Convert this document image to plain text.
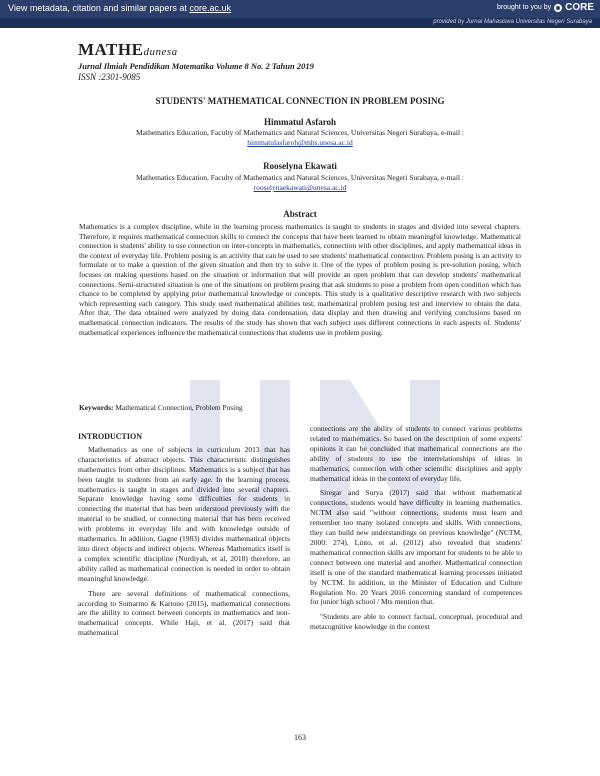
View metadata, citation and similar papers at core.ac.uk	brought to you by CORE
provided by Jurnal Mahasiswa Universitas Negeri Surabaya
MATHEdunesa
Jurnal Ilmiah Pendidikan Matematika Volume 8 No. 2 Tahun 2019
ISSN :2301-9085
STUDENTS' MATHEMATICAL CONNECTION IN PROBLEM POSING
Himmatul Asfaroh
Mathematics Education, Faculty of Mathematics and Natural Sciences, Universitas Negeri Surabaya, e-mail :
himmatulasfaroh@mhs.unesa.ac.id
Rooselyna Ekawati
Mathematics Education, Faculty of Mathematics and Natural Sciences, Universitas Negeri Surabaya, e-mail :
rooselynaekawati@unesa.ac.id
Abstract
Mathematics is a complex discipline, while in the learning process mathematics is taught to students in stages and divided into several chapters. Therefore, it requires mathematical connection skills to connect the concepts that have been learned to obtain meaningful knowledge. Mathematical connection is students' ability to use connection on inter-concepts in mathematics, connection with other disciplines, and apply mathematical ideas in the context of everyday life. Problem posing is an activity that can be used to see students' mathematical connection. Problem posing is an activity to formulate or to make a question of the given situation and then try to solve it. One of the types of problem posing is pre-solution posing, which focuses on making questions based on the situation or information that will provide an open problem that can develop students' mathematical connections. Semi-structured situation is one of the situations on problem posing that ask students to pose a problem from open condition which has chance to be completed by applying prior mathematical knowledge or concepts. This study is a qualitative descriptive research with two subjects which representing each category. This study used mathematical abilities test, mathematical problem posing test and interview to obtain the data. After that, The data obtained were analyzed by doing data condensation, data display and then drawing and verifying conclusions based on mathematical connection indicators. The results of the study has shown that each subject uses different connections in each aspects of. Students' mathematical experiences influence the mathematical connections that students use in problem posing.
Keywords: Mathematical Connection, Problem Posing
INTRODUCTION

Mathematics as one of subjects in curriculum 2013 that has characteristics of abstract objects. This characteristic distinguishes mathematics from other disciplines. Mathematics is a subject that has been taught to students from an early age. In the learning process, mathematics is taught in stages and divided into several chapters. Separate knowledge having some difficulties for students in connecting the material that has been understood previously with the material to be studied, or connecting material that has been received with problems in everyday life and with knowledge outside of mathematics. In addition, Gagne (1983) divides mathematical objects into direct objects and indirect objects. Whereas Mathematics itself is a complex scientific discipline (Nurdiyah, et al, 2018) therefore, an ability called as mathematical connection is needed in order to obtain meaningful knowledge.

There are several definitions of mathematical connections, according to Sumarmo & Kartono (2015), mathematical connections are the ability to connect between concepts in mathematics and non-mathematical concepts. While Haji, et al. (2017) said that mathematical

connections are the ability of students to connect various problems related to mathematics. So based on the description of some experts' opinions it can be concluded that mathematical connections are the ability of students to use the interrelationships of ideas in mathematics, connection with other scientific disciplines and apply mathematical ideas in the context of everyday life.

Siregar and Surya (2017) said that without mathematical connections, students would have difficulty in learning mathematics. NCTM also said "without connections, students must learn and remember too many isolated concepts and skills. With connections, they can build new understandings on previous knowledge" (NCTM, 2000: 274). Linto, et al. (2012) also revealed that students' mathematical connection skills are important for students to be able to connect between one material and another. Mathematical connection itself is one of the standard mathematical learning processes initiated by NCTM. In addition, in the Minister of Education and Culture Regulation No. 20 Years 2016 concerning standard of competences for junior high school / Mts mention that.

"Students are able to connect factual, conceptual, procedural and metacognitive knowledge in the context

163
